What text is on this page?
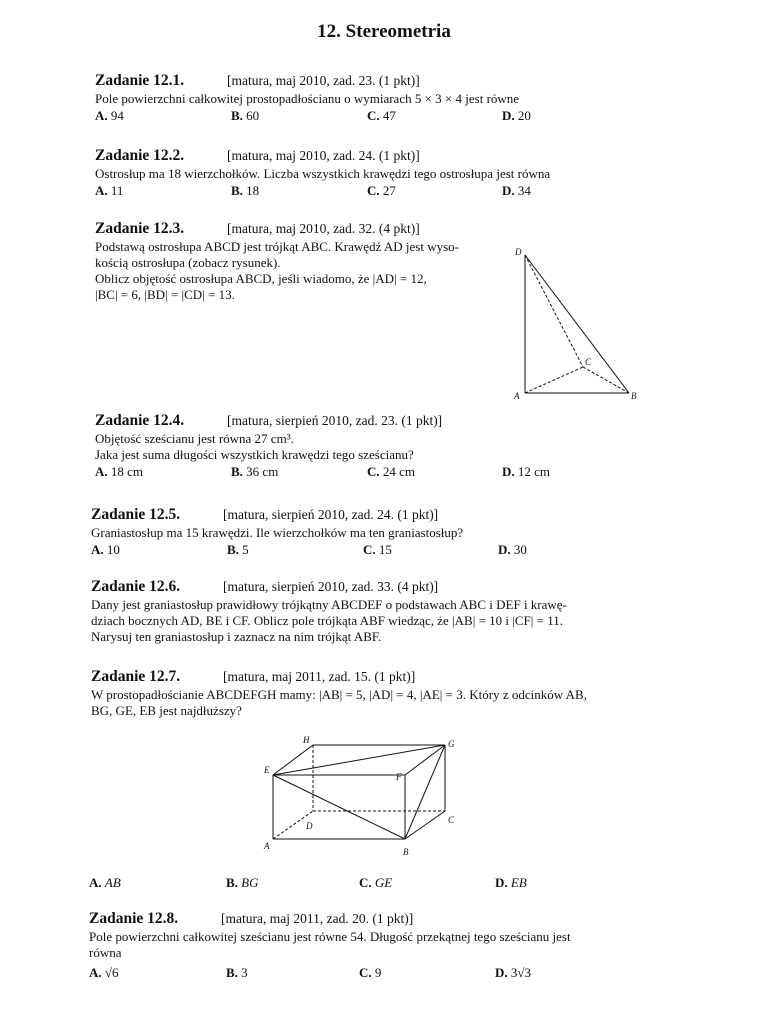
12. Stereometria
Zadanie 12.1.	[matura, maj 2010, zad. 23. (1 pkt)]

Pole powierzchni całkowitej prostopadłościanu o wymiarach 5 × 3 × 4 jest równe

A. 94	B. 60	C. 47	D. 20
Zadanie 12.2.	[matura, maj 2010, zad. 24. (1 pkt)]

Ostrosłup ma 18 wierzchołków. Liczba wszystkich krawędzi tego ostrosłupa jest równa

A. 11	B. 18	C. 27	D. 34
Zadanie 12.3.	[matura, maj 2010, zad. 32. (4 pkt)]

Podstawą ostrosłupa ABCD jest trójkąt ABC. Krawędź AD jest wyso-
kością ostrosłupa (zobacz rysunek).
Oblicz objętość ostrosłupa ABCD, jeśli wiadomo, że |AD| = 12,
|BC| = 6, |BD| = |CD| = 13.

D
C
A	B
Zadanie 12.4.	[matura, sierpień 2010, zad. 23. (1 pkt)]

Objętość sześcianu jest równa 27 cm³.
Jaka jest suma długości wszystkich krawędzi tego sześcianu?

A. 18 cm	B. 36 cm	C. 24 cm	D. 12 cm
Zadanie 12.5.	[matura, sierpień 2010, zad. 24. (1 pkt)]

Graniastosłup ma 15 krawędzi. Ile wierzchołków ma ten graniastosłup?

A. 10	B. 5	C. 15	D. 30
Zadanie 12.6.	[matura, sierpień 2010, zad. 33. (4 pkt)]

Dany jest graniastosłup prawidłowy trójkątny ABCDEF o podstawach ABC i DEF i krawę-
dziach bocznych AD, BE i CF. Oblicz pole trójkąta ABF wiedząc, że |AB| = 10 i |CF| = 11.
Narysuj ten graniastosłup i zaznacz na nim trójkąt ABF.

Zadanie 12.7.	[matura, maj 2011, zad. 15. (1 pkt)]

W prostopadłościanie ABCDEFGH mamy: |AB| = 5, |AD| = 4, |AE| = 3. Który z odcinków AB,
BG, GE, EB jest najdłuższy?

H	G
E
F
D
C
A
B
A. AB	B. BG	C. GE	D. EB
Zadanie 12.8.	[matura, maj 2011, zad. 20. (1 pkt)]

Pole powierzchni całkowitej sześcianu jest równe 54. Długość przekątnej tego sześcianu jest
równa

A. √6	B. 3	C. 9	D. 3√3
